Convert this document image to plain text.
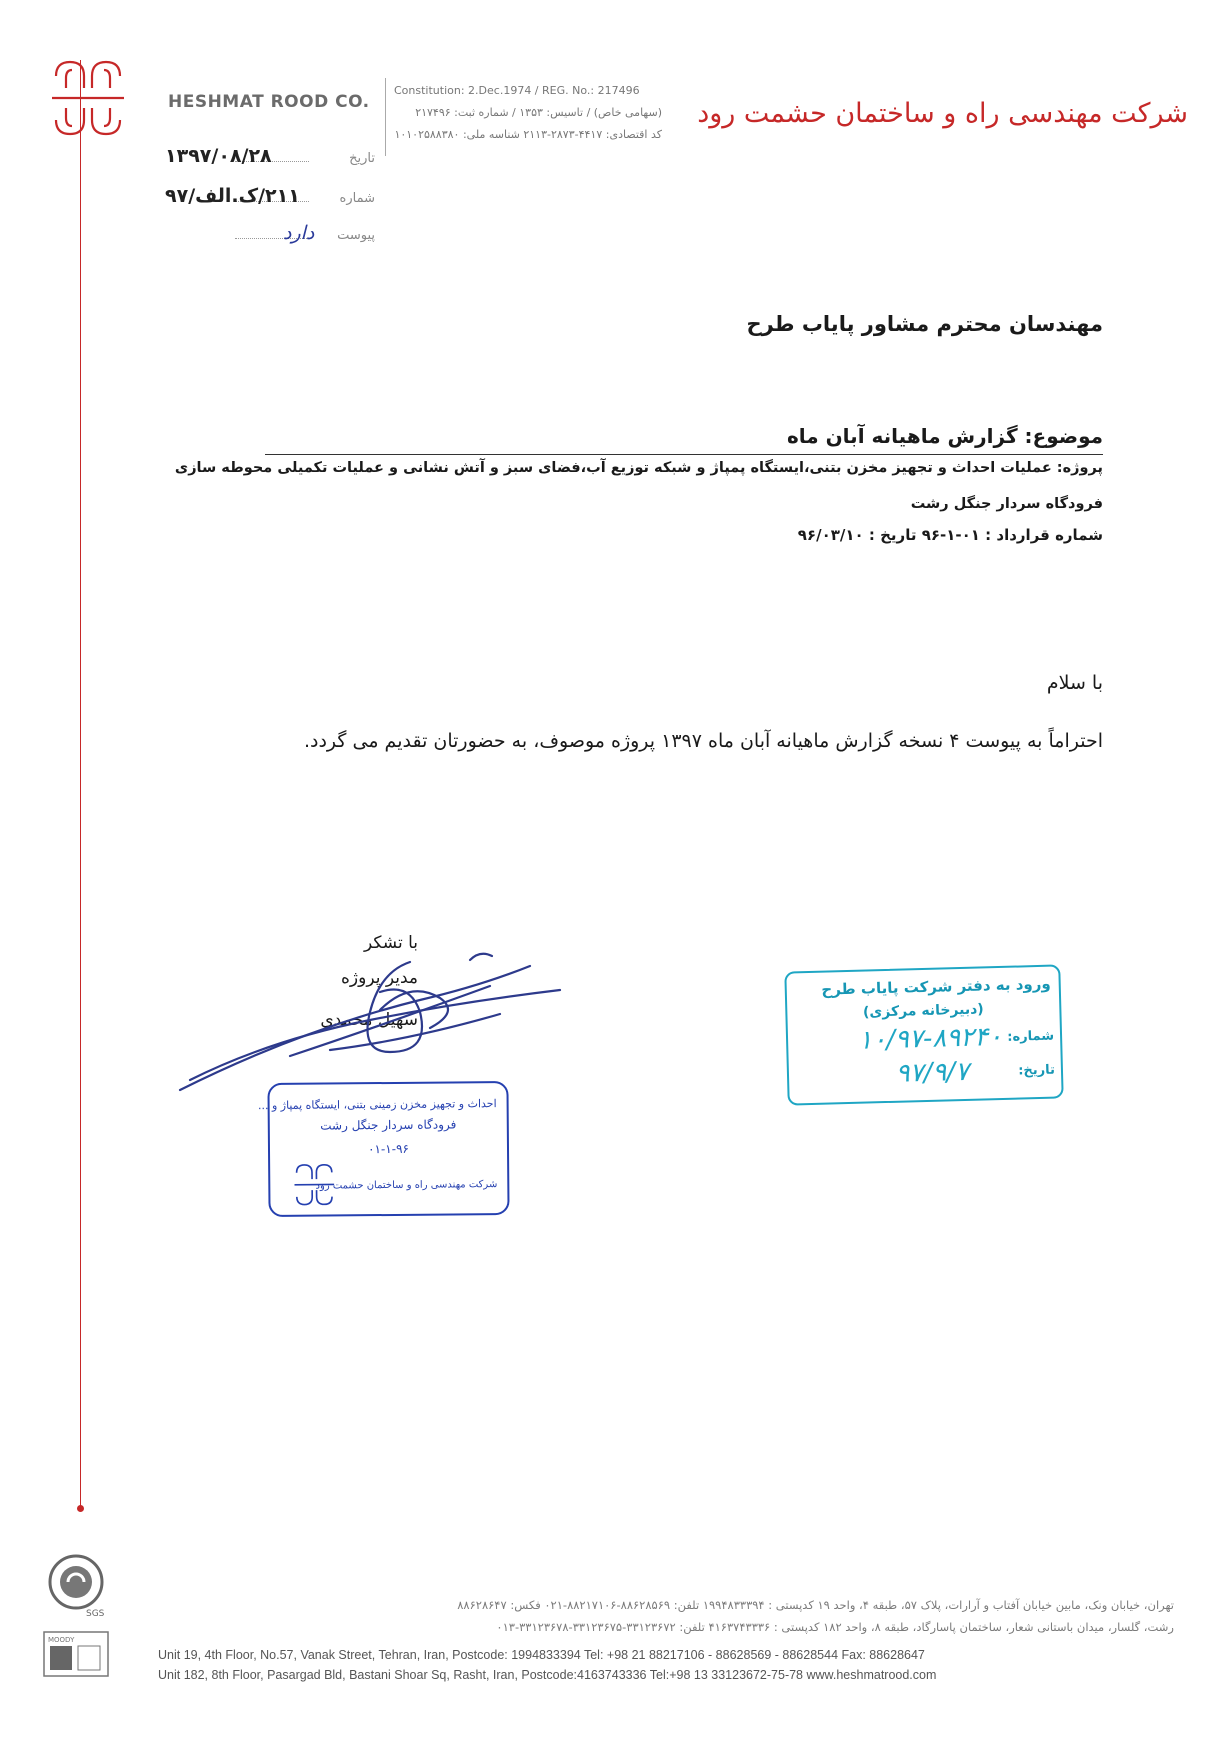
HESHMAT ROOD CO.
Constitution: 2.Dec.1974 / REG. No.: 217496
(سهامی خاص) / تاسیس: ۱۳۵۳ / شماره ثبت: ۲۱۷۴۹۶
کد اقتصادی: ۴۴۱۷-۲۸۷۳-۲۱۱۳ شناسه ملی: ۱۰۱۰۲۵۸۸۳۸۰
شرکت مهندسی راه و ساختمان حشمت رود
تاریخ
۱۳۹۷/۰۸/۲۸
شماره
۲۱۱/ک.الف/۹۷
پیوست
دارد
مهندسان محترم مشاور پایاب طرح
موضوع: گزارش ماهیانه آبان ماه
پروژه: عملیات احداث و تجهیز مخزن بتنی،ایستگاه پمپاژ و شبکه توزیع آب،فضای سبز و آتش نشانی و عملیات تکمیلی محوطه سازی
فرودگاه سردار جنگل رشت
شماره قرارداد : ۰۱-۱-۹۶ تاریخ : ۹۶/۰۳/۱۰
با سلام
احتراماً به پیوست ۴ نسخه گزارش ماهیانه آبان ماه ۱۳۹۷ پروژه موصوف، به حضورتان تقدیم می گردد.
با تشکر
مدیر پروژه
سهیل محمدی
احداث و تجهیز مخزن زمینی بتنی، ایستگاه پمپاژ و ...
فرودگاه سردار جنگل رشت
۰۱-۱-۹۶
شرکت مهندسی راه و ساختمان حشمت رود
ورود به دفتر شرکت پایاب طرح
(دبیرخانه مرکزی)
شماره:
۱۰/۹۷-۸۹۲۴۰
تاریخ:
۹۷/۹/۷
SGS
MOODY
تهران، خیابان ونک، مابین خیابان آفتاب و آرارات، پلاک ۵۷، طبقه ۴، واحد ۱۹ کدپستی : ۱۹۹۴۸۳۳۳۹۴ تلفن: ۸۸۶۲۸۵۶۹-۸۸۲۱۷۱۰۶-۰۲۱ فکس: ۸۸۶۲۸۶۴۷
رشت، گلسار، میدان باستانی شعار، ساختمان پاسارگاد، طبقه ۸، واحد ۱۸۲ کدپستی : ۴۱۶۳۷۴۳۳۳۶ تلفن: ۳۳۱۲۳۶۷۲-۳۳۱۲۳۶۷۵-۳۳۱۲۳۶۷۸-۰۱۳
Unit 19, 4th Floor, No.57, Vanak Street, Tehran, Iran, Postcode: 1994833394 Tel: +98 21 88217106 - 88628569 - 88628544 Fax: 88628647
Unit 182, 8th Floor, Pasargad Bld, Bastani Shoar Sq, Rasht, Iran, Postcode:4163743336 Tel:+98 13 33123672-75-78 www.heshmatrood.com
